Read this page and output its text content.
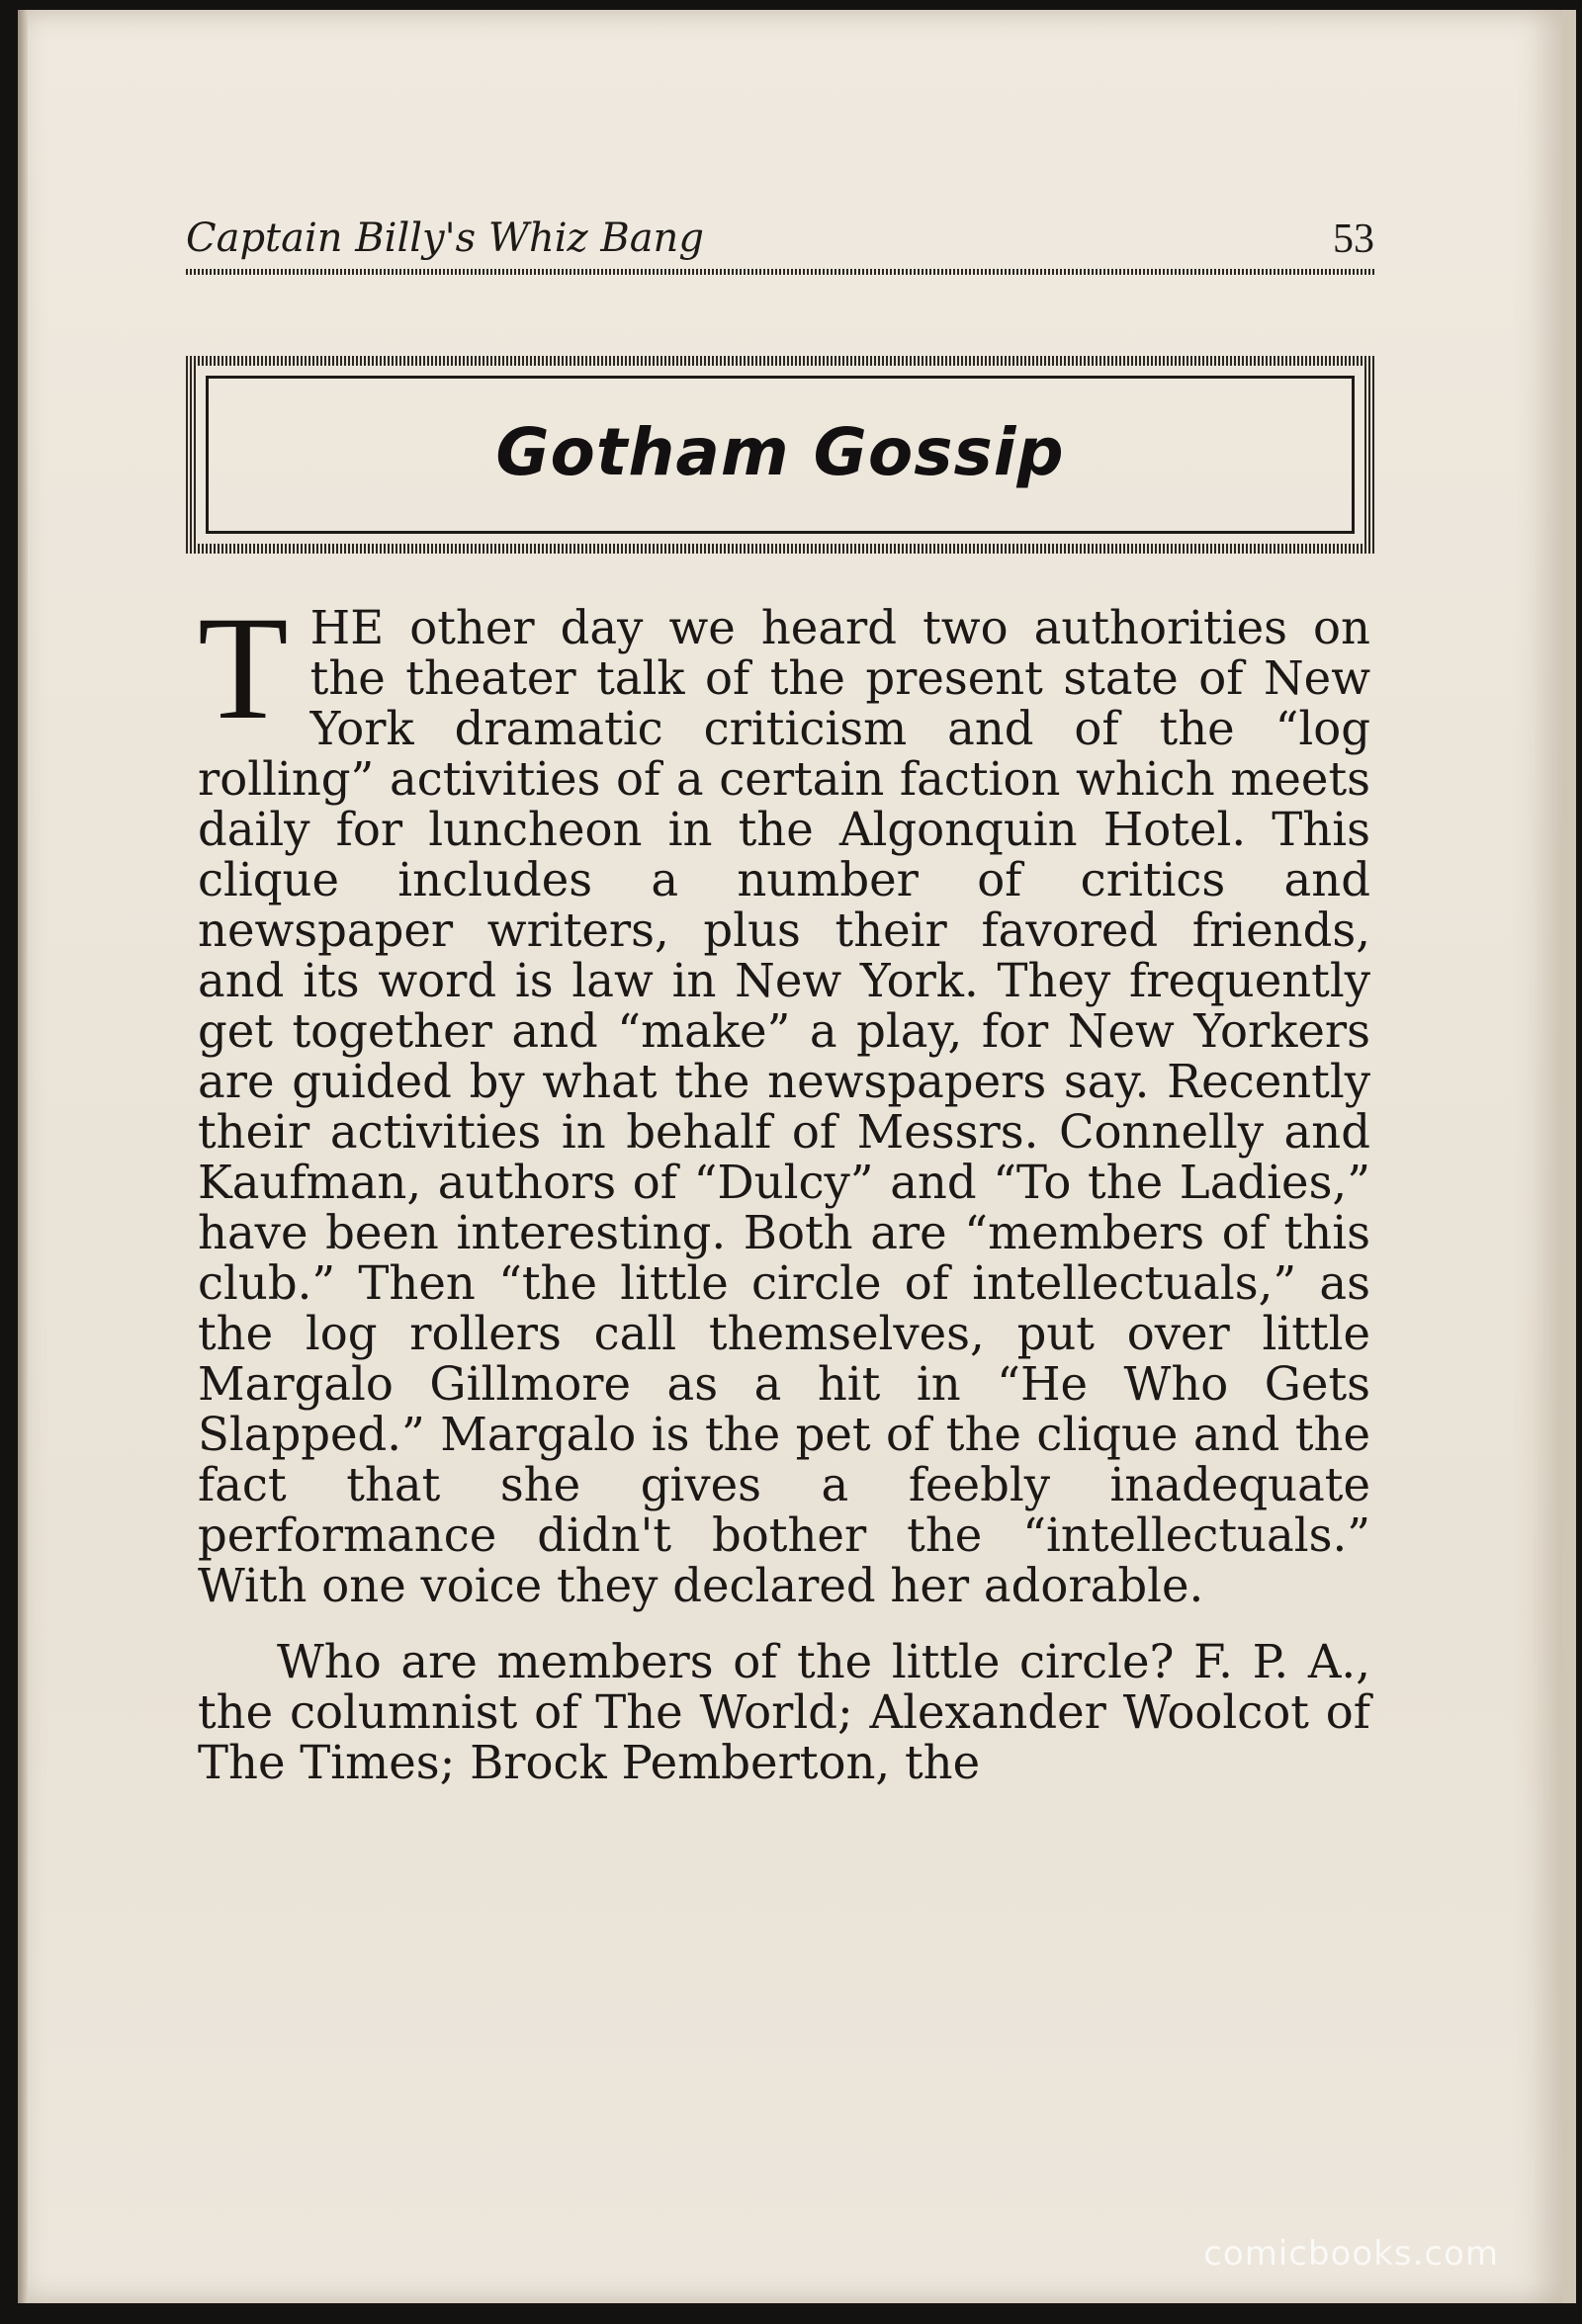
Captain Billy's Whiz Bang	53
Gotham Gossip

THE other day we heard two authorities on the theater talk of the present state of New York dramatic criticism and of the “log rolling” activities of a certain faction which meets daily for luncheon in the Algonquin Hotel. This clique includes a number of critics and newspaper writers, plus their favored friends, and its word is law in New York. They frequently get together and “make” a play, for New Yorkers are guided by what the newspapers say. Recently their activities in behalf of Messrs. Connelly and Kaufman, authors of “Dulcy” and “To the Ladies,” have been interesting. Both are “members of this club.” Then “the little circle of intellectuals,” as the log rollers call themselves, put over little Margalo Gillmore as a hit in “He Who Gets Slapped.” Margalo is the pet of the clique and the fact that she gives a feebly inadequate performance didn't bother the “intellectuals.” With one voice they declared her adorable.

Who are members of the little circle? F. P. A., the columnist of The World; Alexander Woolcot of The Times; Brock Pemberton, the

comicbooks.com
